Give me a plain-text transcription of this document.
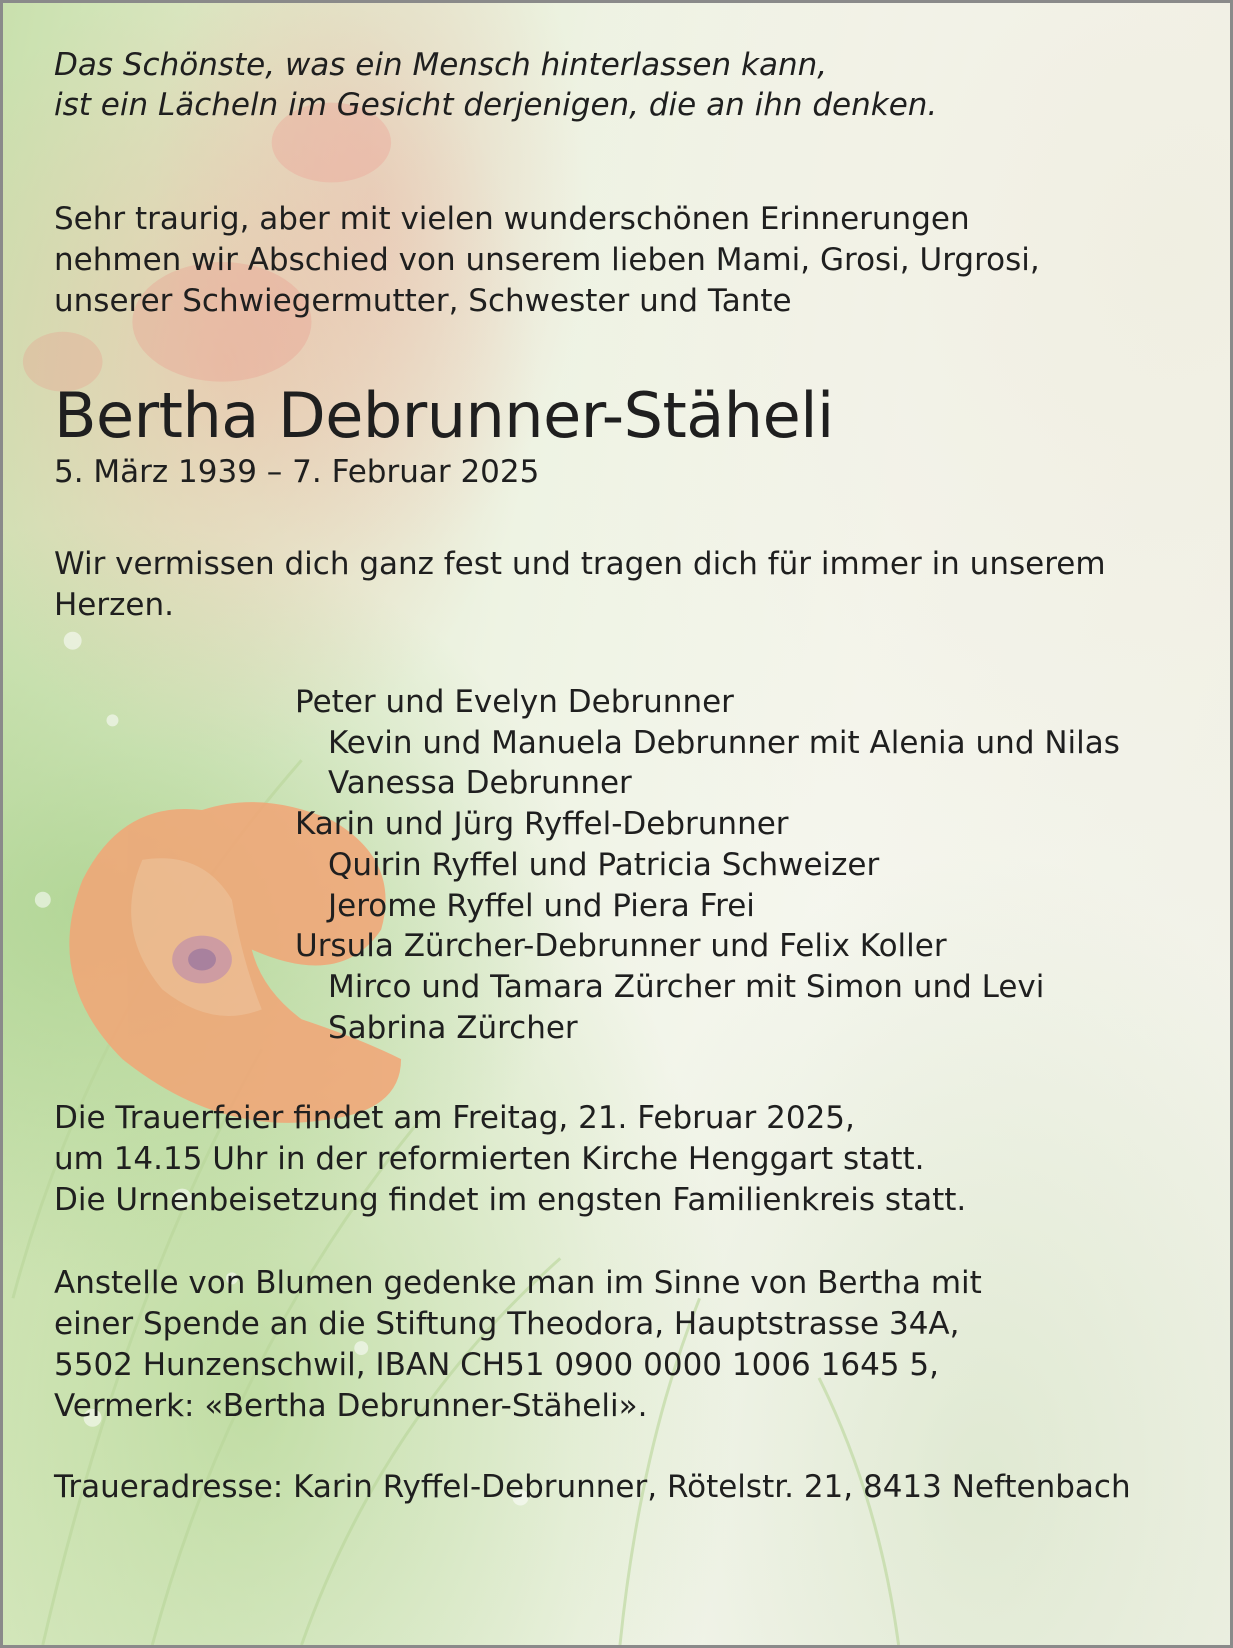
Das Schönste, was ein Mensch hinterlassen kann,
ist ein Lächeln im Gesicht derjenigen, die an ihn denken.

Sehr traurig, aber mit vielen wunderschönen Erinnerungen
nehmen wir Abschied von unserem lieben Mami, Grosi, Urgrosi,
unserer Schwiegermutter, Schwester und Tante

Bertha Debrunner-Stäheli

5. März 1939 – 7. Februar 2025

Wir vermissen dich ganz fest und tragen dich für immer in unserem
Herzen.

Peter und Evelyn Debrunner
Kevin und Manuela Debrunner mit Alenia und Nilas
Vanessa Debrunner
Karin und Jürg Ryffel-Debrunner
Quirin Ryffel und Patricia Schweizer
Jerome Ryffel und Piera Frei
Ursula Zürcher-Debrunner und Felix Koller
Mirco und Tamara Zürcher mit Simon und Levi
Sabrina Zürcher

Die Trauerfeier findet am Freitag, 21. Februar 2025,
um 14.15 Uhr in der reformierten Kirche Henggart statt.
Die Urnenbeisetzung findet im engsten Familienkreis statt.

Anstelle von Blumen gedenke man im Sinne von Bertha mit
einer Spende an die Stiftung Theodora, Hauptstrasse 34A,
5502 Hunzenschwil, IBAN CH51 0900 0000 1006 1645 5,
Vermerk: «Bertha Debrunner-Stäheli».

Traueradresse: Karin Ryffel-Debrunner, Rötelstr. 21, 8413 Neftenbach
